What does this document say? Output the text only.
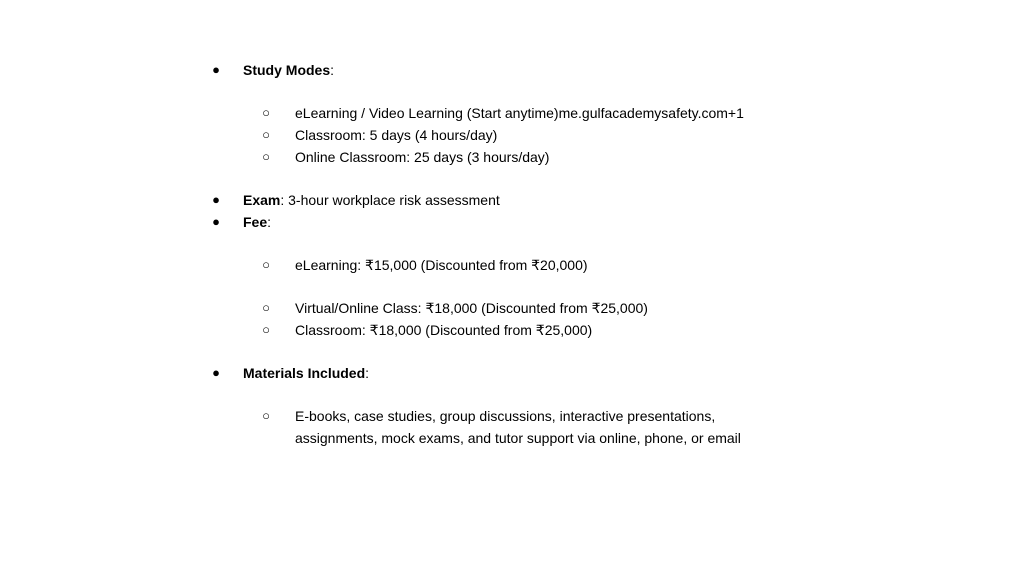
● Study Modes:
○ eLearning / Video Learning (Start anytime)me.gulfacademysafety.com+1
○ Classroom: 5 days (4 hours/day)
○ Online Classroom: 25 days (3 hours/day)
● Exam: 3-hour workplace risk assessment
● Fee:
○ eLearning: ₹15,000 (Discounted from ₹20,000)
○ Virtual/Online Class: ₹18,000 (Discounted from ₹25,000)
○ Classroom: ₹18,000 (Discounted from ₹25,000)
● Materials Included:
○ E-books, case studies, group discussions, interactive presentations,
assignments, mock exams, and tutor support via online, phone, or email
